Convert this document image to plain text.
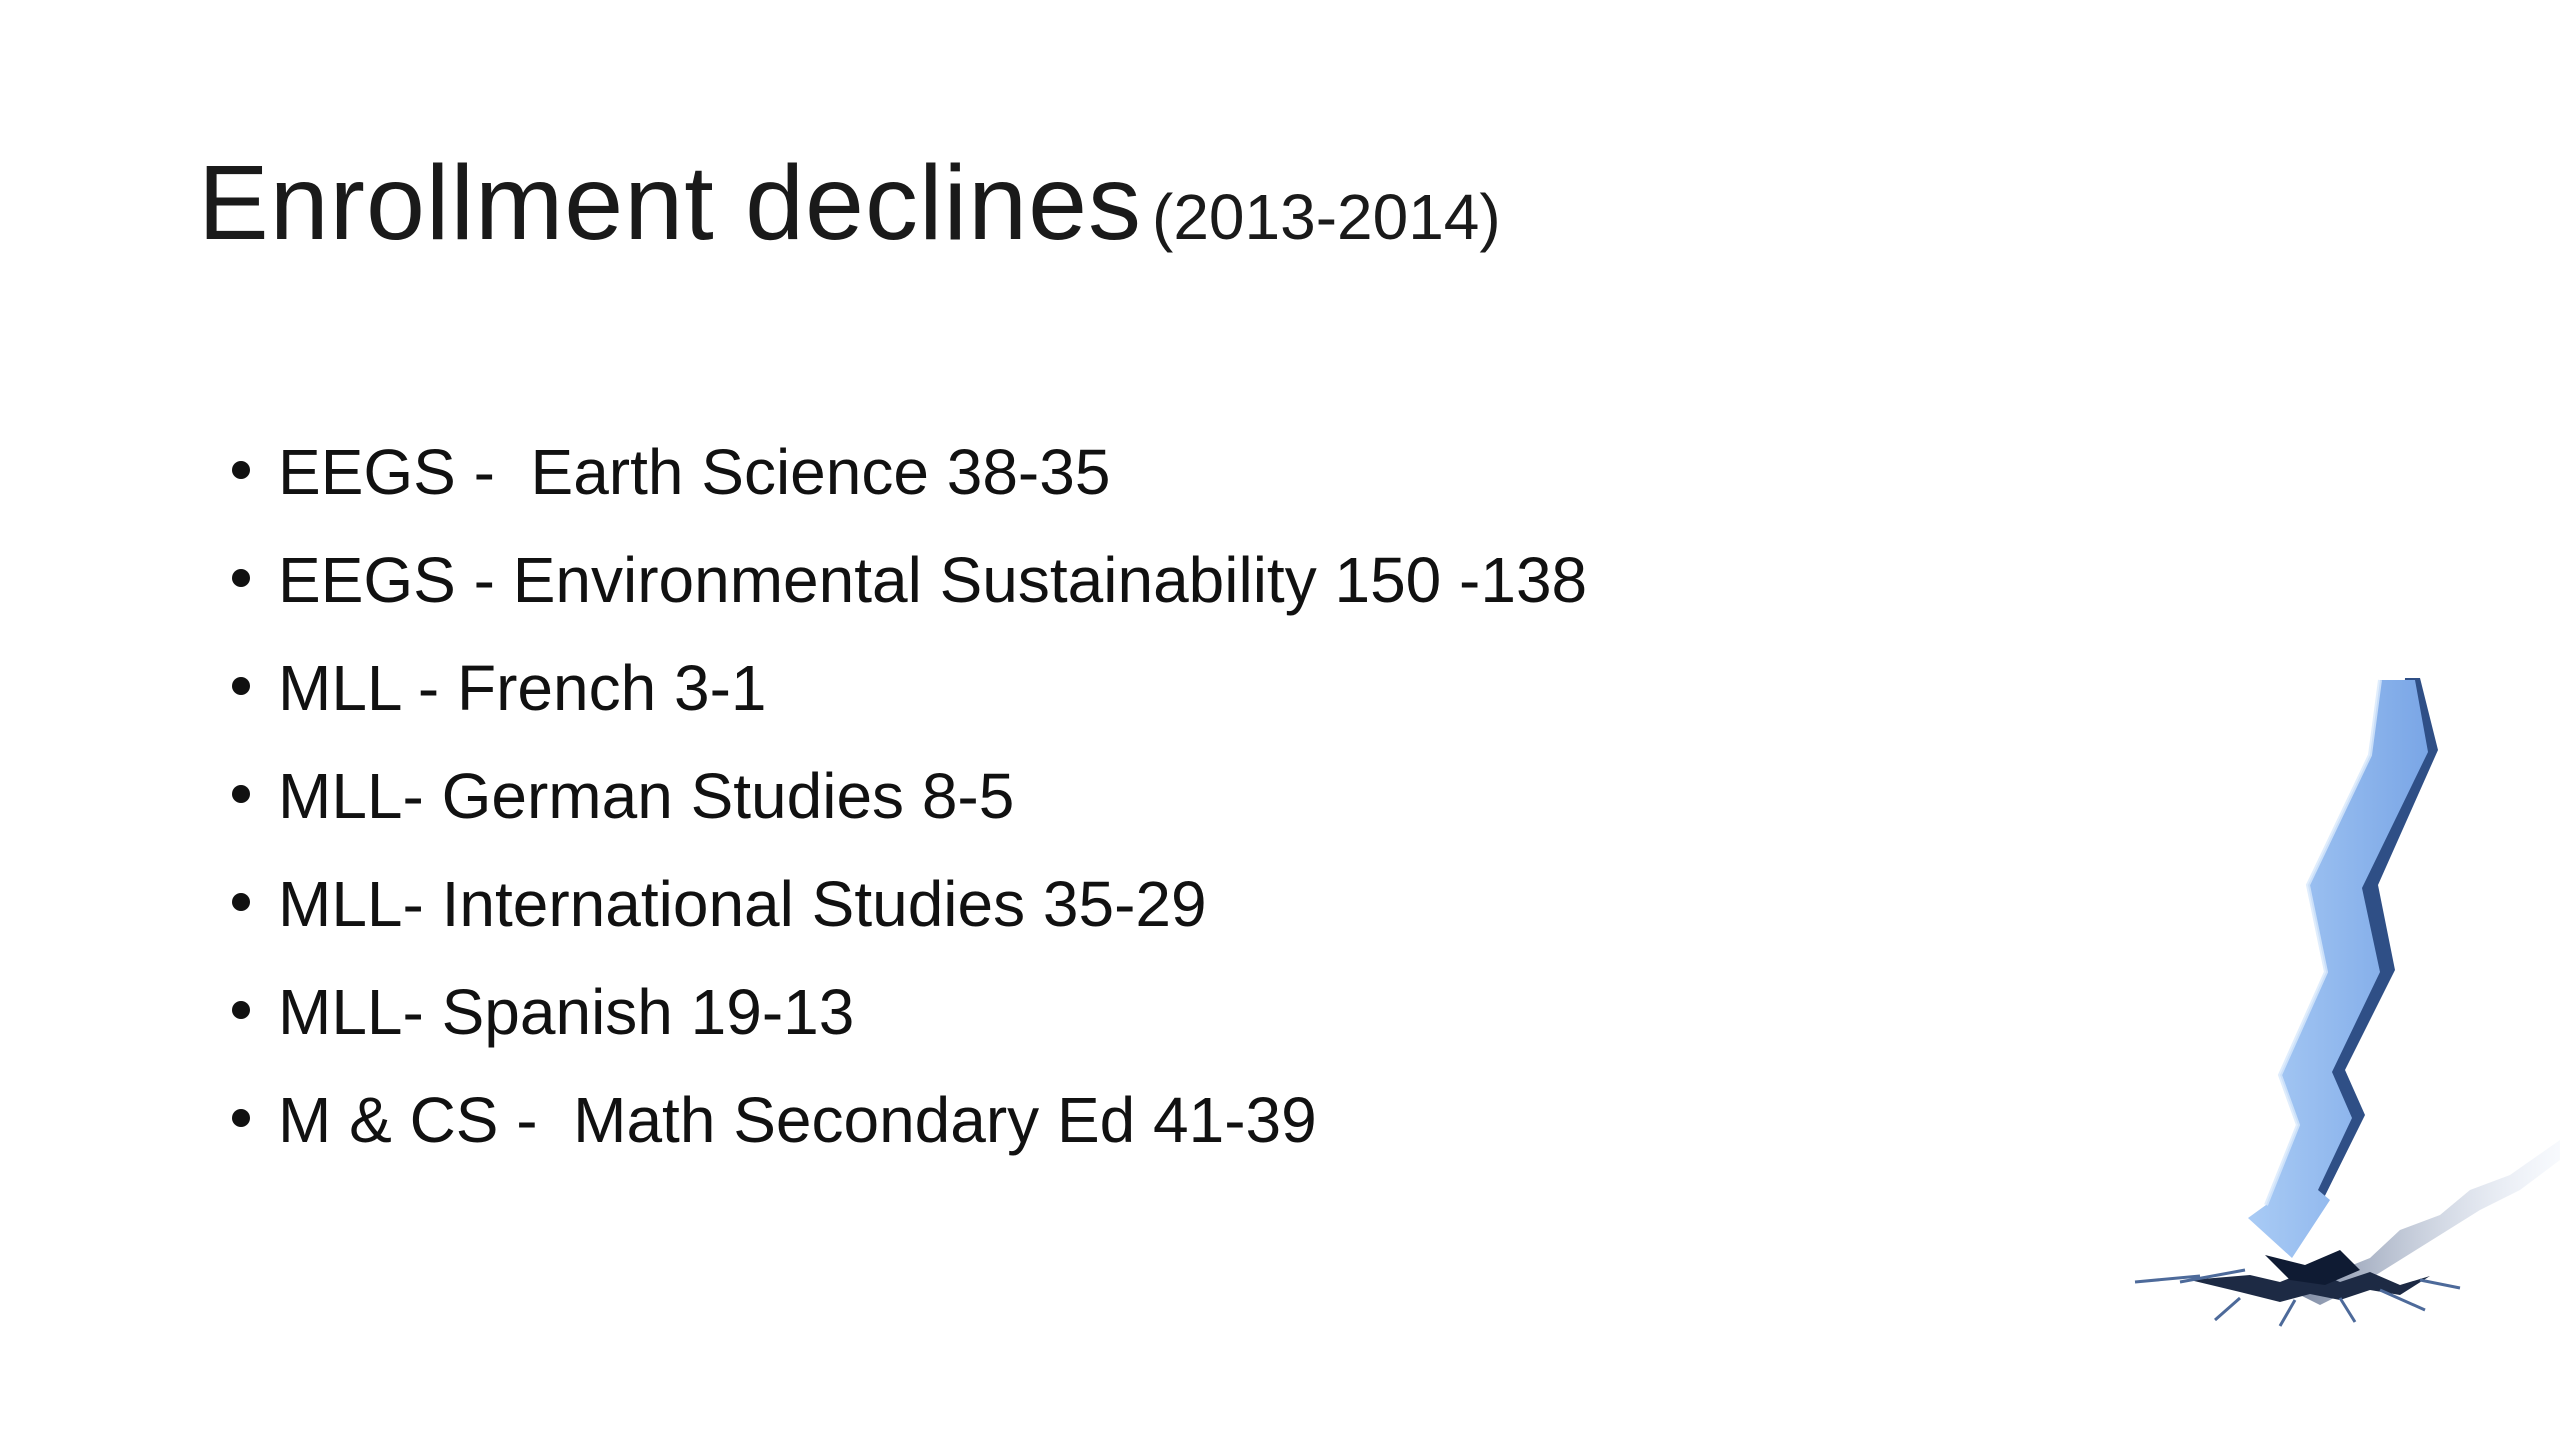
Enrollment declines (2013-2014)
EEGS -  Earth Science 38-35
EEGS - Environmental Sustainability 150 -138
MLL - French 3-1
MLL- German Studies 8-5
MLL- International Studies 35-29
MLL- Spanish 19-13
M & CS -  Math Secondary Ed 41-39
